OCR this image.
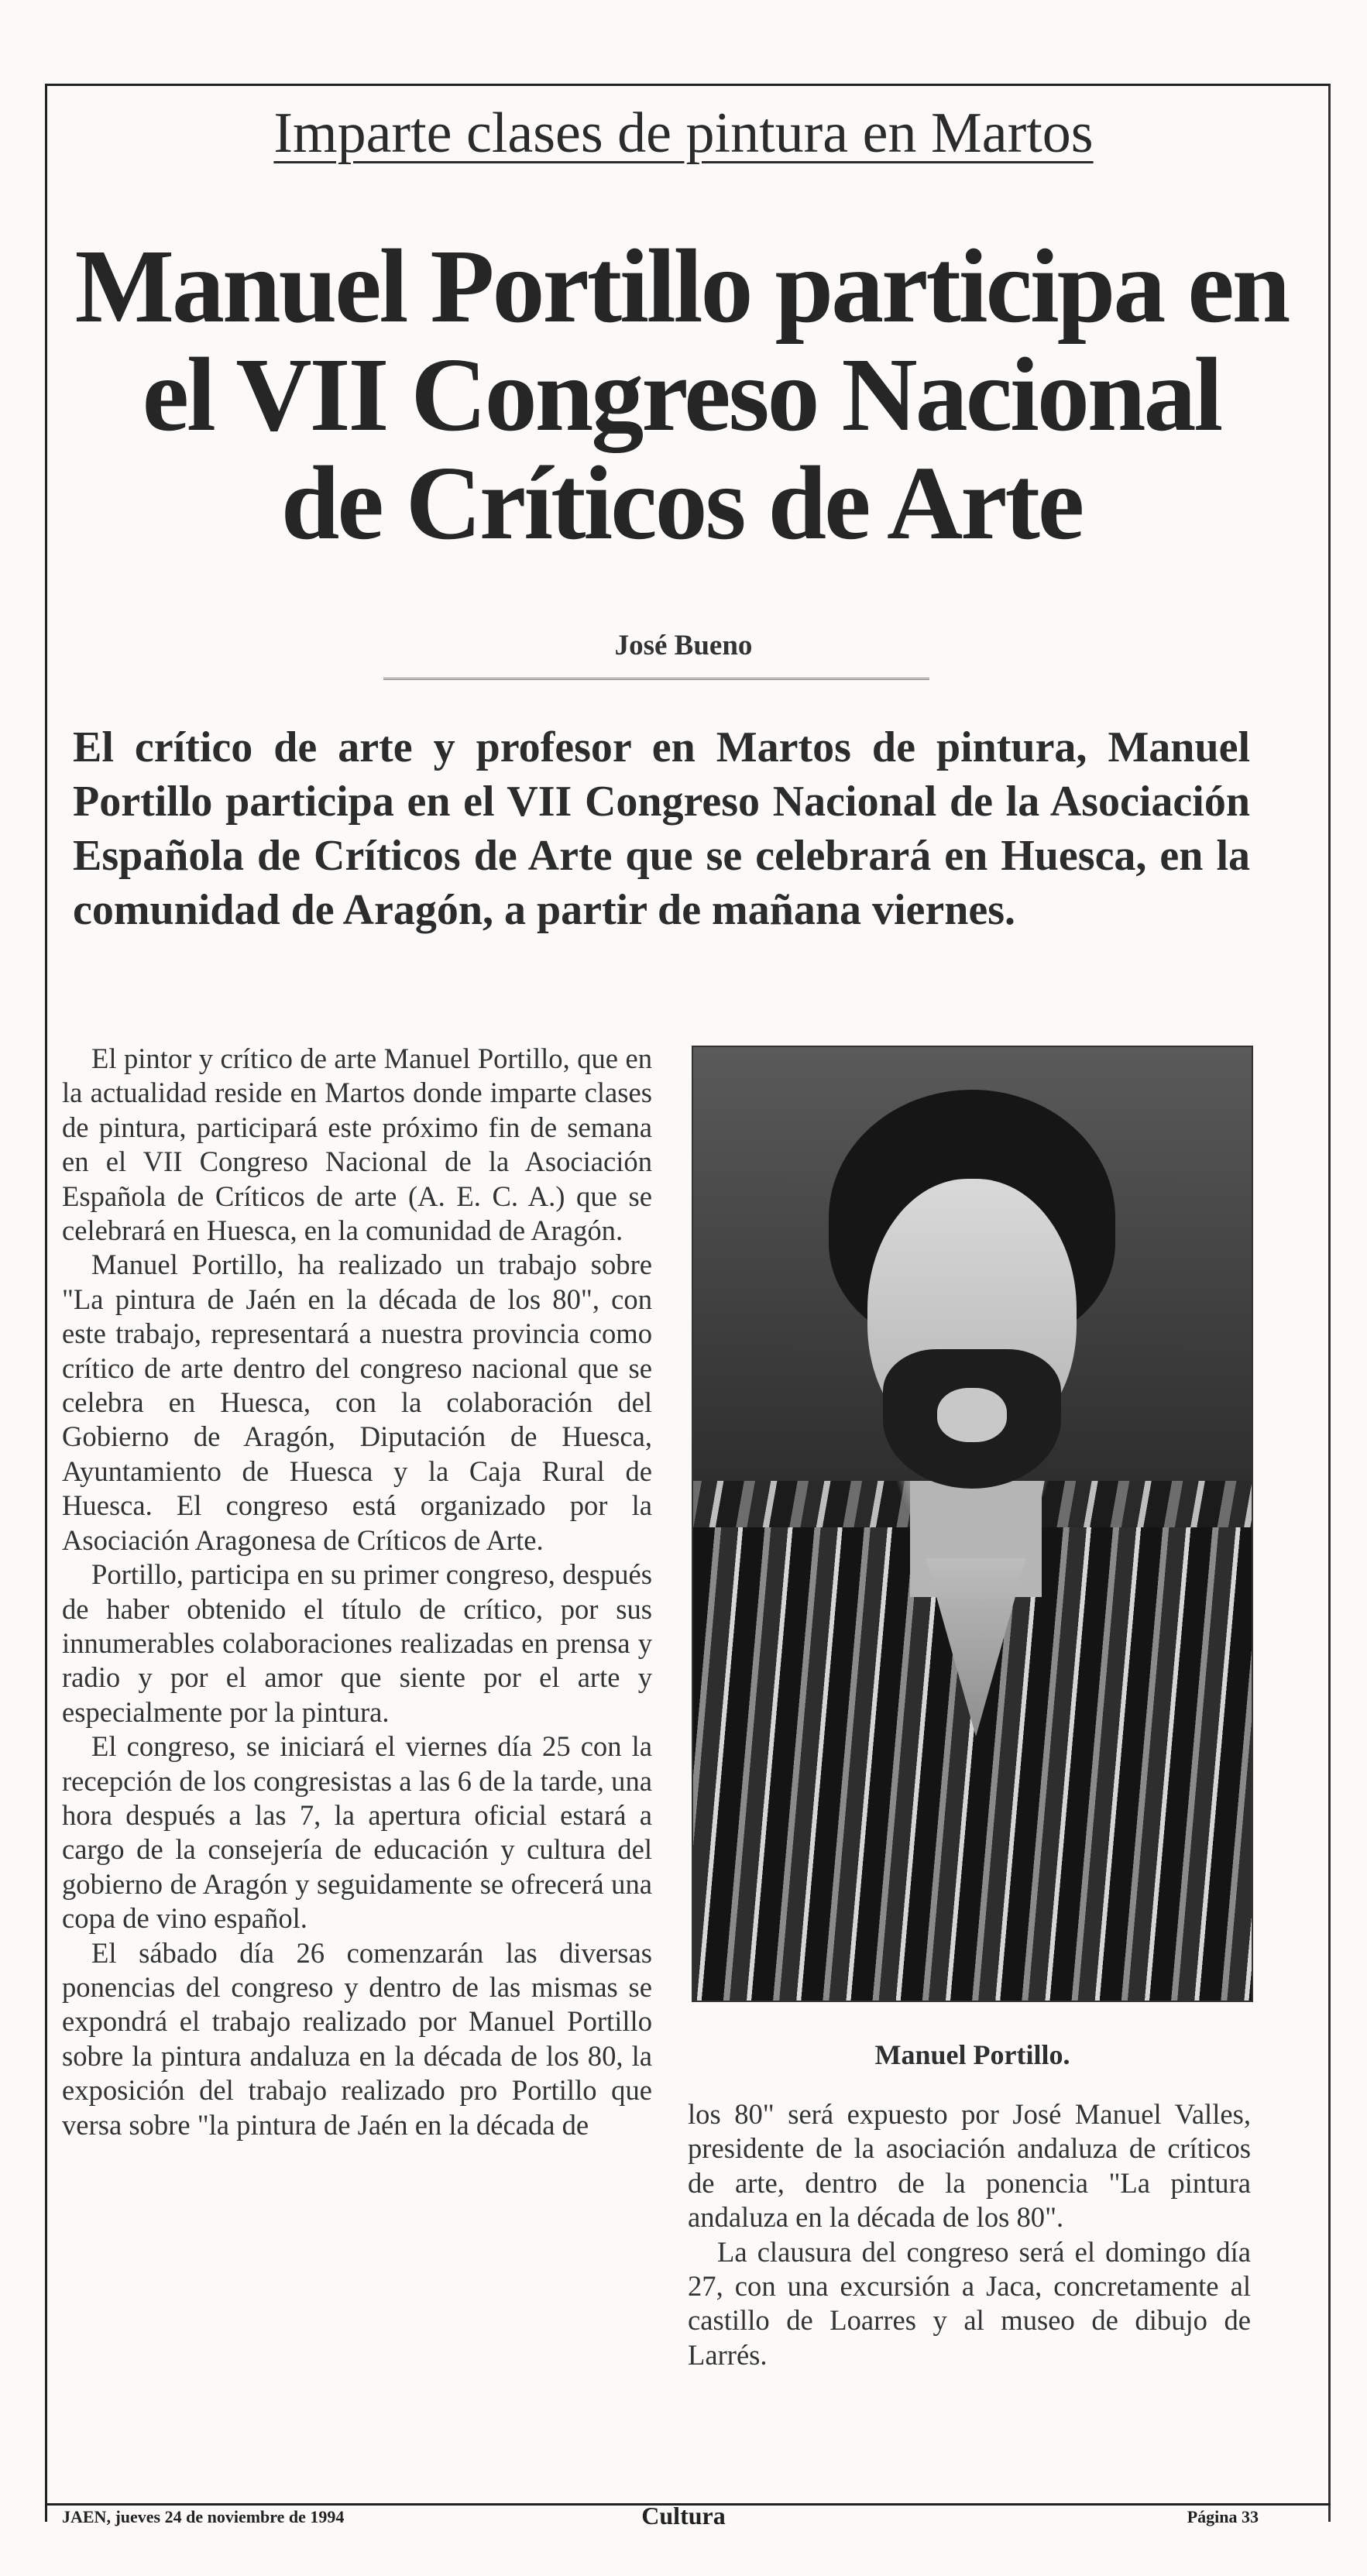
Imparte clases de pintura en Martos
Manuel Portillo participa en
el VII Congreso Nacional
de Críticos de Arte
José Bueno
El crítico de arte y profesor en Martos de pintura, Manuel Portillo participa en el VII Congreso Nacional de la Asociación Española de Críticos de Arte que se celebrará en Huesca, en la comunidad de Aragón, a partir de mañana viernes.

El pintor y crítico de arte Manuel Portillo, que en la actualidad reside en Martos donde imparte clases de pintura, participará este próximo fin de semana en el VII Congreso Nacional de la Asociación Española de Críticos de arte (A. E. C. A.) que se celebrará en Huesca, en la comunidad de Aragón.

Manuel Portillo, ha realizado un trabajo sobre "La pintura de Jaén en la década de los 80", con este trabajo, representará a nuestra provincia como crítico de arte dentro del congreso nacional que se celebra en Huesca, con la colaboración del Gobierno de Aragón, Diputación de Huesca, Ayuntamiento de Huesca y la Caja Rural de Huesca. El congreso está organizado por la Asociación Aragonesa de Críticos de Arte.

Portillo, participa en su primer congreso, después de haber obtenido el título de crítico, por sus innumerables colaboraciones realizadas en prensa y radio y por el amor que siente por el arte y especialmente por la pintura.

El congreso, se iniciará el viernes día 25 con la recepción de los congresistas a las 6 de la tarde, una hora después a las 7, la apertura oficial estará a cargo de la consejería de educación y cultura del gobierno de Aragón y seguidamente se ofrecerá una copa de vino español.

El sábado día 26 comenzarán las diversas ponencias del congreso y dentro de las mismas se expondrá el trabajo realizado por Manuel Portillo sobre la pintura andaluza en la década de los 80, la exposición del trabajo realizado pro Portillo que versa sobre "la pintura de Jaén en la década de

Manuel Portillo.

los 80" será expuesto por José Manuel Valles, presidente de la asociación andaluza de críticos de arte, dentro de la ponencia "La pintura andaluza en la década de los 80".

La clausura del congreso será el domingo día 27, con una excursión a Jaca, concretamente al castillo de Loarres y al museo de dibujo de Larrés.

JAEN, jueves 24 de noviembre de 1994	Cultura	Página 33
